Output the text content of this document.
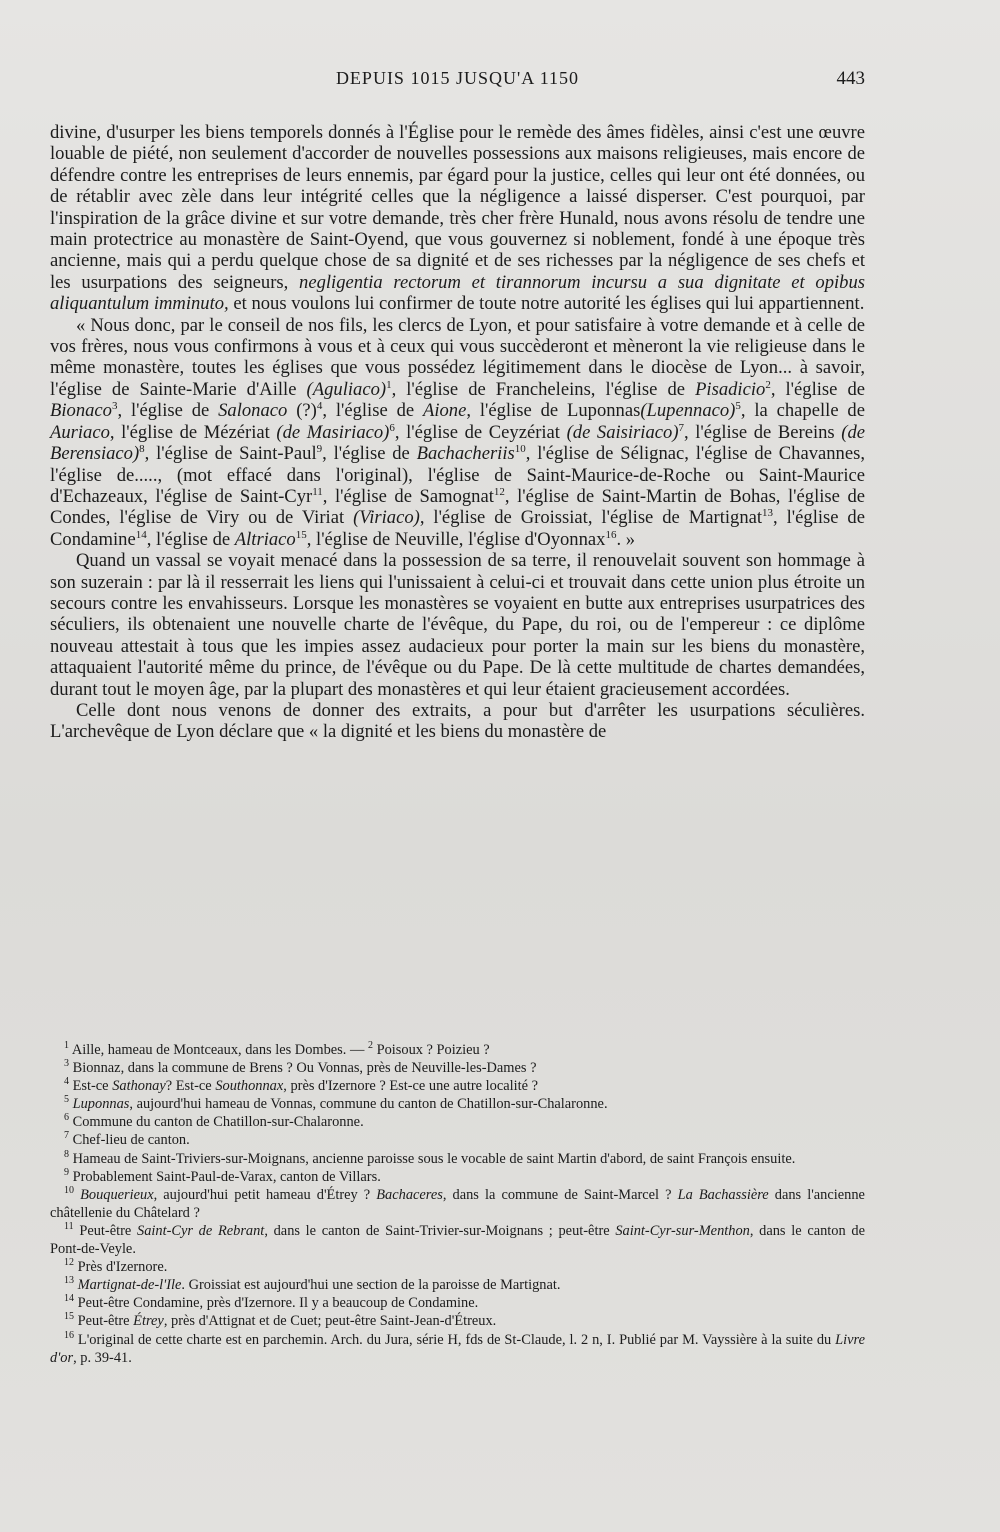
DEPUIS 1015 JUSQU'A 1150	443

divine, d'usurper les biens temporels donnés à l'Église pour le remède des âmes fidèles, ainsi c'est une œuvre louable de piété, non seulement d'accorder de nouvelles possessions aux maisons religieuses, mais encore de défendre contre les entreprises de leurs ennemis, par égard pour la justice, celles qui leur ont été données, ou de rétablir avec zèle dans leur intégrité celles que la négligence a laissé disperser. C'est pourquoi, par l'inspiration de la grâce divine et sur votre demande, très cher frère Hunald, nous avons résolu de tendre une main protectrice au monastère de Saint-Oyend, que vous gouvernez si noblement, fondé à une époque très ancienne, mais qui a perdu quelque chose de sa dignité et de ses richesses par la négligence de ses chefs et les usurpations des seigneurs, negligentia rectorum et tirannorum incursu a sua dignitate et opibus aliquantulum imminuto, et nous voulons lui confirmer de toute notre autorité les églises qui lui appartiennent.

« Nous donc, par le conseil de nos fils, les clercs de Lyon, et pour satisfaire à votre demande et à celle de vos frères, nous vous confirmons à vous et à ceux qui vous succèderont et mèneront la vie religieuse dans le même monastère, toutes les églises que vous possédez légitimement dans le diocèse de Lyon... à savoir, l'église de Sainte-Marie d'Aille (Aguliaco)$^1$, l'église de Francheleins, l'église de Pisadicio$^2$, l'église de Bionaco$^3$, l'église de Salonaco (?)$^4$, l'église de Aione, l'église de Luponnas(Lupennaco)$^5$, la chapelle de Auriaco, l'église de Mézériat (de Masiriaco)$^6$, l'église de Ceyzériat (de Saisiriaco)$^7$, l'église de Bereins (de Berensiaco)$^8$, l'église de Saint-Paul$^9$, l'église de Bachacheriis$^{10}$, l'église de Sélignac, l'église de Chavannes, l'église de....., (mot effacé dans l'original), l'église de Saint-Maurice-de-Roche ou Saint-Maurice d'Echazeaux, l'église de Saint-Cyr$^{11}$, l'église de Samognat$^{12}$, l'église de Saint-Martin de Bohas, l'église de Condes, l'église de Viry ou de Viriat (Viriaco), l'église de Groissiat, l'église de Martignat$^{13}$, l'église de Condamine$^{14}$, l'église de Altriaco$^{15}$, l'église de Neuville, l'église d'Oyonnax$^{16}$. »

Quand un vassal se voyait menacé dans la possession de sa terre, il renouvelait souvent son hommage à son suzerain : par là il resserrait les liens qui l'unissaient à celui-ci et trouvait dans cette union plus étroite un secours contre les envahisseurs. Lorsque les monastères se voyaient en butte aux entreprises usurpatrices des séculiers, ils obtenaient une nouvelle charte de l'évêque, du Pape, du roi, ou de l'empereur : ce diplôme nouveau attestait à tous que les impies assez audacieux pour porter la main sur les biens du monastère, attaquaient l'autorité même du prince, de l'évêque ou du Pape. De là cette multitude de chartes demandées, durant tout le moyen âge, par la plupart des monastères et qui leur étaient gracieusement accordées.

Celle dont nous venons de donner des extraits, a pour but d'arrêter les usurpations séculières. L'archevêque de Lyon déclare que « la dignité et les biens du monastère de

$^1$ Aille, hameau de Montceaux, dans les Dombes. — $^2$ Poisoux ? Poizieu ?

$^3$ Bionnaz, dans la commune de Brens ? Ou Vonnas, près de Neuville-les-Dames ?

$^4$ Est-ce Sathonay? Est-ce Southonnax, près d'Izernore ? Est-ce une autre localité ?

$^5$ Luponnas, aujourd'hui hameau de Vonnas, commune du canton de Chatillon-sur-Chalaronne.

$^6$ Commune du canton de Chatillon-sur-Chalaronne.

$^7$ Chef-lieu de canton.

$^8$ Hameau de Saint-Triviers-sur-Moignans, ancienne paroisse sous le vocable de saint Martin d'abord, de saint François ensuite.

$^9$ Probablement Saint-Paul-de-Varax, canton de Villars.

$^{10}$ Bouquerieux, aujourd'hui petit hameau d'Étrey ? Bachaceres, dans la commune de Saint-Marcel ? La Bachassière dans l'ancienne châtellenie du Châtelard ?

$^{11}$ Peut-être Saint-Cyr de Rebrant, dans le canton de Saint-Trivier-sur-Moignans ; peut-être Saint-Cyr-sur-Menthon, dans le canton de Pont-de-Veyle.

$^{12}$ Près d'Izernore.

$^{13}$ Martignat-de-l'Ile. Groissiat est aujourd'hui une section de la paroisse de Martignat.

$^{14}$ Peut-être Condamine, près d'Izernore. Il y a beaucoup de Condamine.

$^{15}$ Peut-être Étrey, près d'Attignat et de Cuet; peut-être Saint-Jean-d'Étreux.

$^{16}$ L'original de cette charte est en parchemin. Arch. du Jura, série H, fds de St-Claude, l. 2 n, I. Publié par M. Vayssière à la suite du Livre d'or, p. 39-41.
